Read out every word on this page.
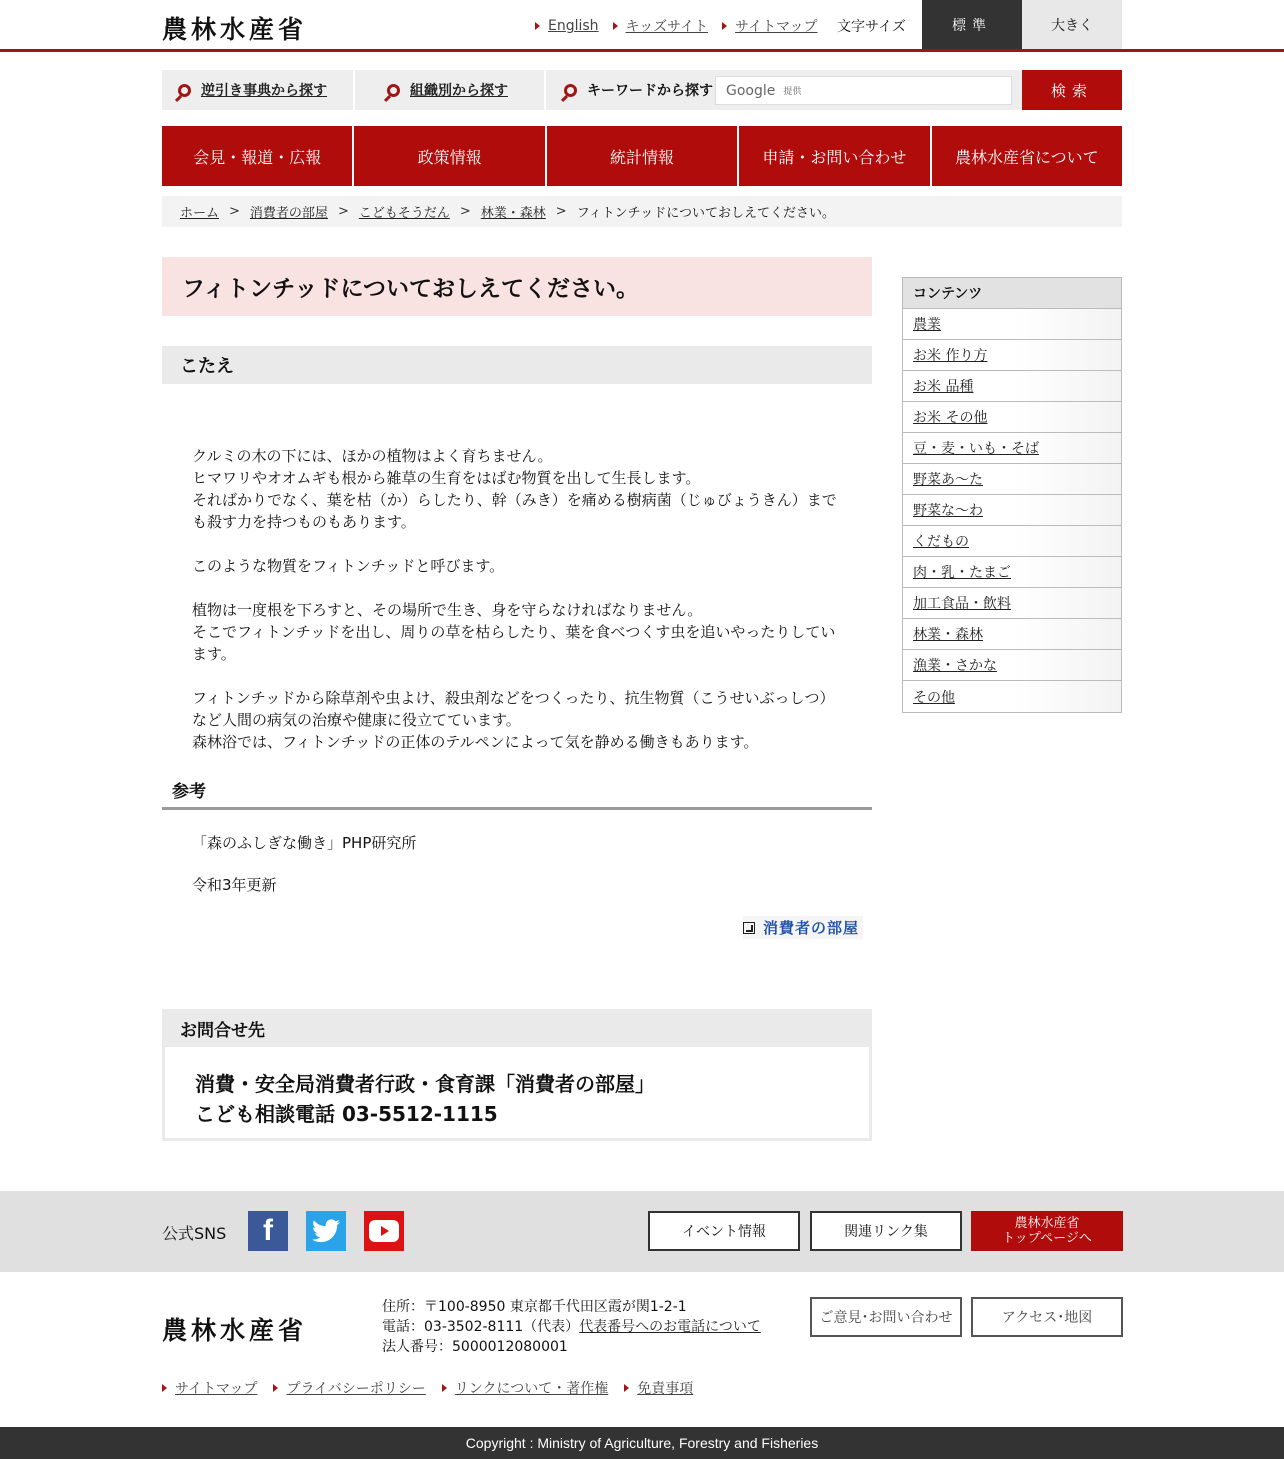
農林水産省	English キッズサイト サイトマップ 文字サイズ	標準	大きく
逆引き事典から探す	組織別から探す	キーワードから探す Google 提供	検索
会見・報道・広報	政策情報	統計情報	申請・お問い合わせ	農林水産省について
ホーム > 消費者の部屋 > こどもそうだん > 林業・森林 > フィトンチッドについておしえてください。
フィトンチッドについておしえてください。
こたえ

クルミの木の下には、ほかの植物はよく育ちません。
ヒマワリやオオムギも根から雑草の生育をはばむ物質を出して生長します。
そればかりでなく、葉を枯（か）らしたり、幹（みき）を痛める樹病菌（じゅびょうきん）までも殺す力を持つものもあります。

このような物質をフィトンチッドと呼びます。

植物は一度根を下ろすと、その場所で生き、身を守らなければなりません。
そこでフィトンチッドを出し、周りの草を枯らしたり、葉を食べつくす虫を追いやったりしています。

フィトンチッドから除草剤や虫よけ、殺虫剤などをつくったり、抗生物質（こうせいぶっしつ）など人間の病気の治療や健康に役立てています。
森林浴では、フィトンチッドの正体のテルペンによって気を静める働きもあります。

参考
「森のふしぎな働き」PHP研究所
令和3年更新
消費者の部屋
お問合せ先
消費・安全局消費者行政・食育課「消費者の部屋」
こども相談電話 03-5512-1115
コンテンツ
農業
お米 作り方
お米 品種
お米 その他
豆・麦・いも・そば
野菜あ～た
野菜な～わ
くだもの
肉・乳・たまご
加工食品・飲料
林業・森林
漁業・さかな
その他
公式SNS	f	イベント情報	関連リンク集
農林水産省
トップページへ
農林水産省
住所：〒100-8950 東京都千代田区霞が関1-2-1
電話：03-3502-8111（代表）代表番号へのお電話について
法人番号：5000012080001
ご意見･お問い合わせ	アクセス･地図
サイトマップ プライバシーポリシー リンクについて・著作権 免責事項
Copyright : Ministry of Agriculture, Forestry and Fisheries
